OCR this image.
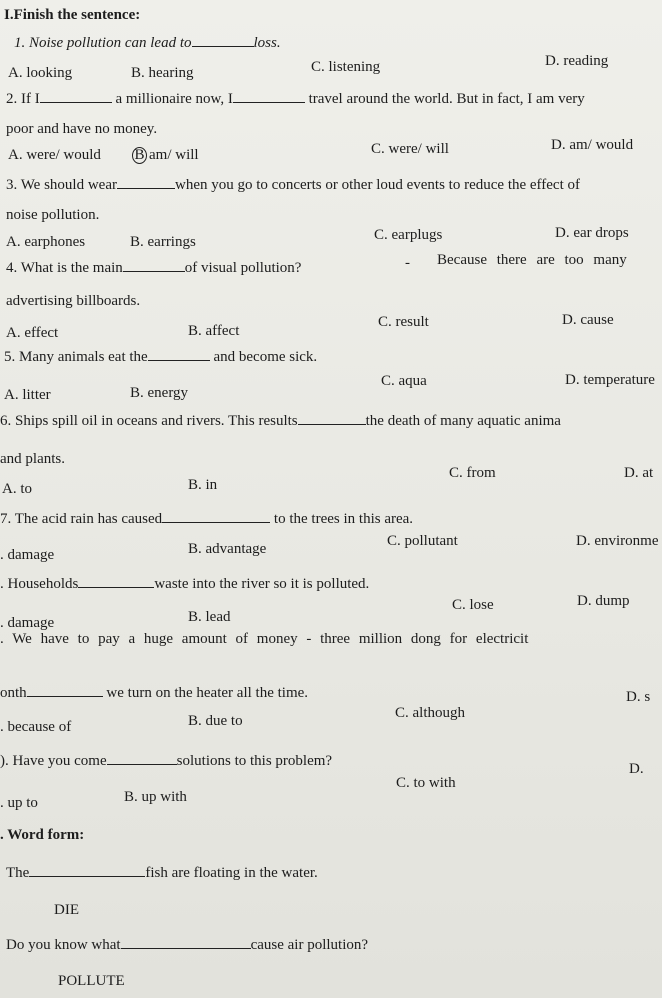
I.Finish the sentence:
1. Noise pollution can lead to	loss.
D. reading
A. looking	B. hearing	C. listening
2. If I	a millionaire now, I	travel around the world. But in fact, I am very
poor and have no money.
A. were/ would B am/ will	C. were/ will	D. am/ would
3. We should wear	when you go to concerts or other loud events to reduce the effect of
noise pollution.
A. earphones	B. earrings	C. earplugs	D. ear drops
4. What is the main	of visual pollution?	- Because there are too many
advertising billboards.
A. effect	B. affect
C. result	D. cause
5. Many animals eat the	and become sick.
A. litter	B. energy
C. aqua	D. temperature
6. Ships spill oil in oceans and rivers. This results	the death of many aquatic anima
and plants.
A. to	B. in
C. from	D. at
7. The acid rain has caused	to the trees in this area.
. damage	B. advantage	C. pollutant	D. environme
. Households	waste into the river so it is polluted.
. damage	B. lead
C. lose	D. dump
. We have to pay a huge amount of money - three million dong for electricit
onth	we turn on the heater all the time.	D. s
. because of	B. due to	C. although
). Have you come	solutions to this problem?	D.
. up to	B. up with
C. to with
. Word form:
The	fish are floating in the water.
DIE
Do you know what	cause air pollution?
POLLUTE
